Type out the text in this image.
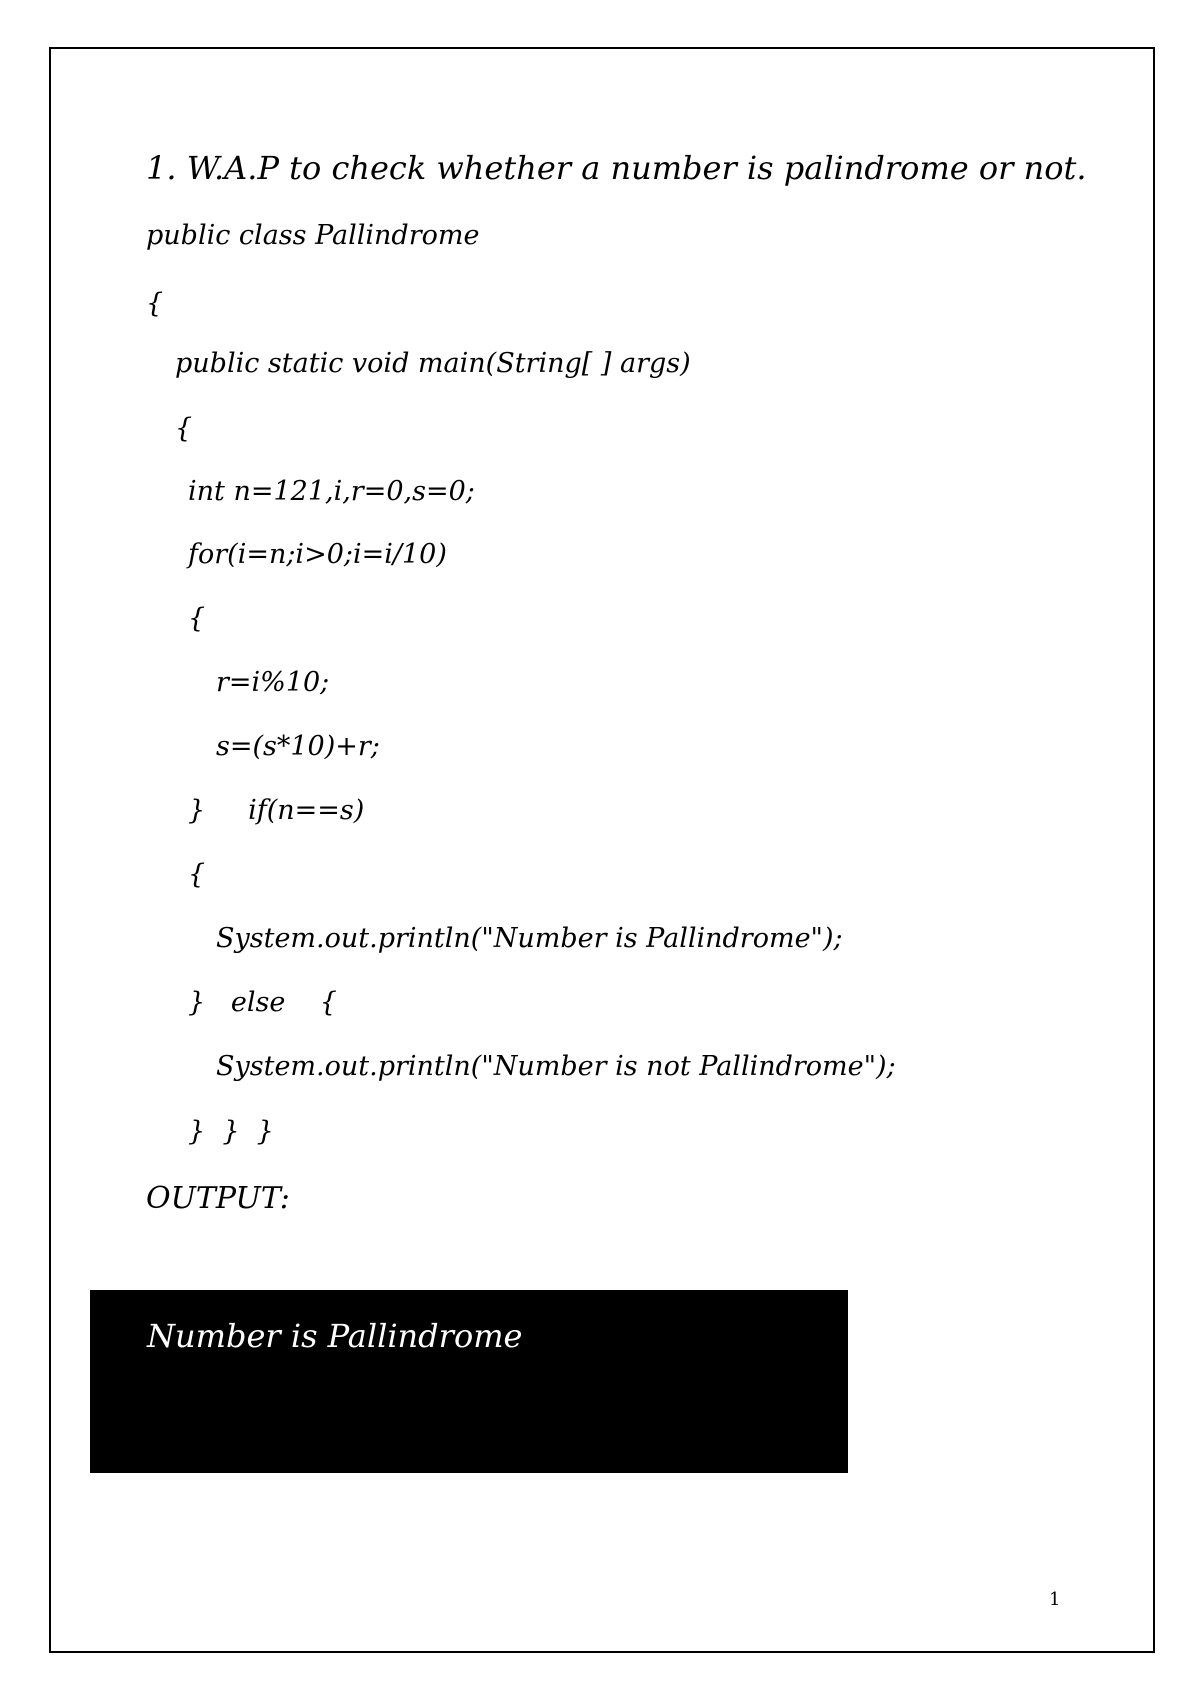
1. W.A.P to check whether a number is palindrome or not.
public class Pallindrome
{
public static void main(String[ ] args)
{
int n=121,i,r=0,s=0;
for(i=n;i>0;i=i/10)
{
r=i%10;
s=(s*10)+r;
}     if(n==s)
{
System.out.println("Number is Pallindrome");
}   else    {
System.out.println("Number is not Pallindrome");
}  }  }
OUTPUT:
Number is Pallindrome
1
